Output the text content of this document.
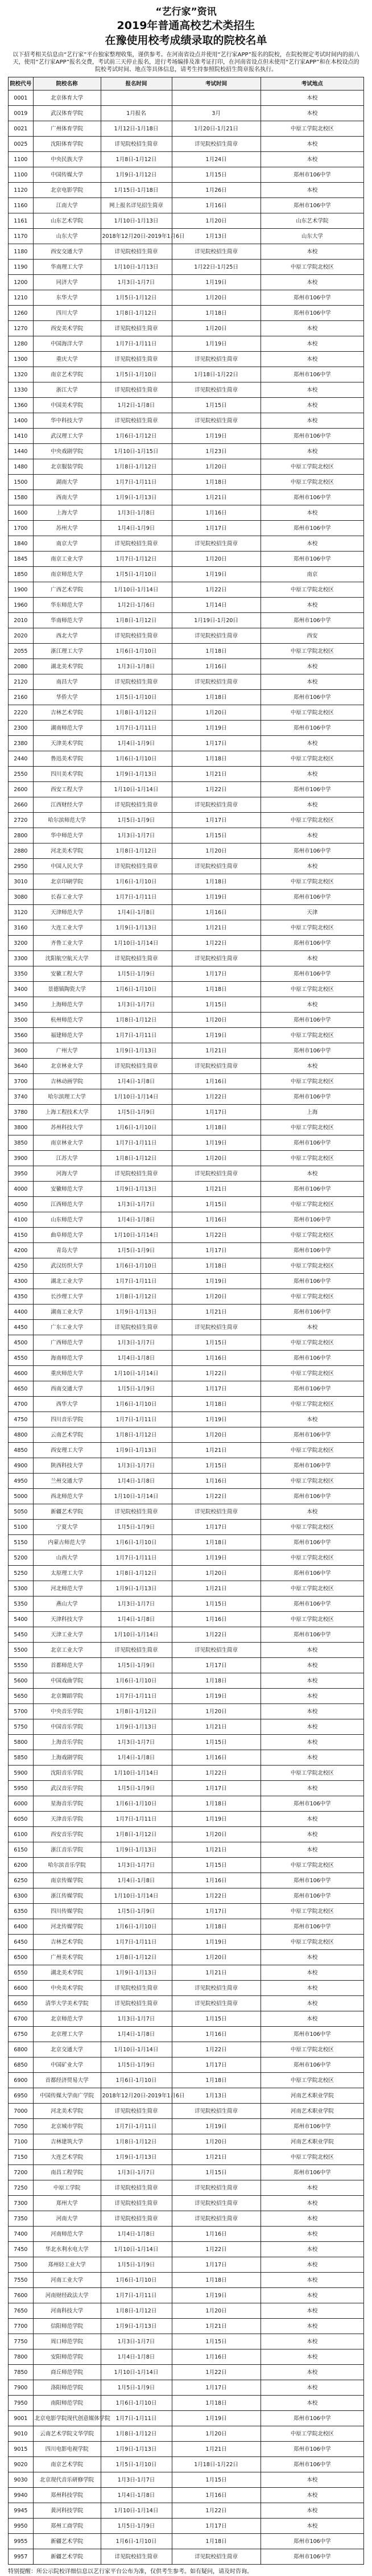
“艺行家”资讯
2019年普通高校艺术类招生
在豫使用校考成绩录取的院校名单
以下招考相关信息由“艺行家”平台独家整理收集，谨供参考。在河南省设点并使用“艺行家APP”报名的院校，在院校规定考试时间内的前八天，使用“艺行家APP”报名交费，考试前三天停止报名，进行考场编排及准考证打印，在河南省设点但未使用“艺行家APP”和在本校设点的院校考试时间、地点等具体信息，请考生持参照院校招生简章报名执行。
院校代号	院校名称	报名时间	考试时间	考试地点
0001	北京体育大学			本校
0019	武汉体育学院	1月报名	3月	本校
0021	广州体育学院	1月12日-1月18日	1月20日-1月21日	中原工学院北校区
0025	沈阳体育学院	详见院校招生简章	详见院校招生简章	本校
1100	中央民族大学	1月8日-1月12日	1月24日	本校
1100	中国传媒大学	1月9日-1月12日	1月15日	郑州市106中学
1120	北京电影学院	1月15日-1月18日	1月26日	本校
1160	江南大学	网上报名详见招生简章	1月16日	郑州市106中学
1161	山东艺术学院	1月10日-1月13日	1月20日	山东艺术学院
1170	山东大学	2018年12月20日-2019年1月6日	1月13日	山东大学
1180	西安交通大学	详见院校招生简章	详见院校招生简章	本校
1190	华南理工大学	1月10日-1月13日	1月22日-1月25日	中原工学院北校区
1200	同济大学	1月3日-1月7日	1月19日	本校
1210	东华大学	1月5日-1月12日	1月20日	郑州市106中学
1260	四川大学	1月8日-1月12日	1月18日	郑州市106中学
1270	西安美术学院	详见院校招生简章	1月20日	本校
1280	中国海洋大学	1月7日-1月11日	1月19日	本校
1300	重庆大学	详见院校招生简章	详见院校招生简章	本校
1320	南京艺术学院	1月5日-1月10日	1月18日-1月22日	郑州市106中学
1330	浙江大学	详见院校招生简章	详见院校招生简章	本校
1360	中国美术学院	1月2日-1月8日	1月15日	本校
1400	华中科技大学	详见院校招生简章	详见院校招生简章	本校
1410	武汉理工大学	1月6日-1月12日	1月19日	郑州市106中学
1440	中央戏剧学院	1月10日-1月15日	1月23日	本校
1480	北京服装学院	1月8日-1月12日	1月20日	中原工学院北校区
1500	湖南大学	1月7日-1月11日	1月18日	中原工学院北校区
1580	西南大学	1月9日-1月13日	1月21日	郑州市106中学
1600	上海大学	1月3日-1月8日	1月16日	本校
1700	苏州大学	1月4日-1月9日	1月17日	郑州市106中学
1840	南京大学	详见院校招生简章	详见院校招生简章	本校
1845	南京工业大学	1月7日-1月12日	1月20日	郑州市106中学
1850	南京师范大学	1月5日-1月10日	1月19日	南京
1900	广西艺术学院	1月10日-1月14日	1月22日	中原工学院北校区
1960	华东师范大学	1月2日-1月6日	1月14日	本校
2010	华南师范大学	1月8日-1月12日	1月19日-1月20日	郑州市106中学
2020	西北大学	详见院校招生简章	详见院校招生简章	西安
2055	浙江理工大学	1月6日-1月10日	1月18日	中原工学院北校区
2080	湖北美术学院	1月3日-1月8日	1月16日	本校
2120	南昌大学	详见院校招生简章	详见院校招生简章	本校
2160	华侨大学	1月5日-1月10日	1月18日	郑州市106中学
2220	吉林艺术学院	1月8日-1月12日	1月20日	中原工学院北校区
2300	湖南师范大学	1月7日-1月11日	1月19日	郑州市106中学
2380	天津美术学院	1月4日-1月9日	1月17日	本校
2440	鲁迅美术学院	1月6日-1月10日	1月18日	中原工学院北校区
2550	四川美术学院	1月9日-1月13日	1月21日	本校
2600	西安工程大学	1月10日-1月14日	1月22日	郑州市106中学
2660	江西财经大学	详见院校招生简章	详见院校招生简章	本校
2720	哈尔滨师范大学	1月5日-1月9日	1月17日	中原工学院北校区
2800	华中师范大学	1月3日-1月7日	1月15日	本校
2880	河北美术学院	1月8日-1月12日	1月20日	郑州市106中学
2950	中国人民大学	详见院校招生简章	详见院校招生简章	本校
3010	北京印刷学院	1月6日-1月10日	1月18日	中原工学院北校区
3080	长春工业大学	1月7日-1月11日	1月19日	郑州市106中学
3120	天津师范大学	1月4日-1月8日	1月16日	天津
3160	大连工业大学	1月9日-1月13日	1月21日	中原工学院北校区
3200	齐鲁工业大学	1月10日-1月14日	1月22日	郑州市106中学
3300	沈阳航空航天大学	详见院校招生简章	详见院校招生简章	本校
3350	安徽工程大学	1月5日-1月9日	1月17日	郑州市106中学
3400	景德镇陶瓷大学	1月6日-1月10日	1月18日	中原工学院北校区
3450	上海师范大学	1月3日-1月7日	1月15日	本校
3500	杭州师范大学	1月8日-1月12日	1月20日	郑州市106中学
3560	福建师范大学	1月7日-1月11日	1月19日	中原工学院北校区
3600	广州大学	1月9日-1月13日	1月21日	郑州市106中学
3640	北京林业大学	详见院校招生简章	详见院校招生简章	本校
3700	吉林动画学院	1月4日-1月8日	1月16日	中原工学院北校区
3740	哈尔滨理工大学	1月10日-1月14日	1月22日	郑州市106中学
3780	上海工程技术大学	1月5日-1月9日	1月17日	上海
3800	苏州科技大学	1月6日-1月10日	1月18日	中原工学院北校区
3850	南京林业大学	1月7日-1月11日	1月19日	郑州市106中学
3900	江苏大学	1月8日-1月12日	1月20日	中原工学院北校区
3950	河海大学	详见院校招生简章	详见院校招生简章	本校
4000	安徽师范大学	1月9日-1月13日	1月21日	郑州市106中学
4050	江西师范大学	1月3日-1月7日	1月15日	中原工学院北校区
4100	山东师范大学	1月4日-1月8日	1月16日	郑州市106中学
4150	曲阜师范大学	1月10日-1月14日	1月22日	中原工学院北校区
4200	青岛大学	1月5日-1月9日	1月17日	郑州市106中学
4250	武汉纺织大学	1月6日-1月10日	1月18日	中原工学院北校区
4300	湖北工业大学	1月7日-1月11日	1月19日	郑州市106中学
4350	长沙理工大学	1月8日-1月12日	1月20日	中原工学院北校区
4400	湖南工业大学	1月9日-1月13日	1月21日	郑州市106中学
4450	广东工业大学	详见院校招生简章	详见院校招生简章	本校
4500	广西师范大学	1月3日-1月7日	1月15日	中原工学院北校区
4550	海南师范大学	1月4日-1月8日	1月16日	郑州市106中学
4600	重庆师范大学	1月10日-1月14日	1月22日	中原工学院北校区
4650	西南交通大学	1月5日-1月9日	1月17日	郑州市106中学
4700	西华大学	1月6日-1月10日	1月18日	中原工学院北校区
4750	四川音乐学院	1月7日-1月11日	1月19日	本校
4800	云南艺术学院	1月8日-1月12日	1月20日	郑州市106中学
4850	西安理工大学	1月9日-1月13日	1月21日	中原工学院北校区
4900	陕西科技大学	1月3日-1月7日	1月15日	郑州市106中学
4950	兰州交通大学	1月4日-1月8日	1月16日	中原工学院北校区
5000	西北师范大学	1月10日-1月14日	1月22日	郑州市106中学
5050	新疆艺术学院	详见院校招生简章	详见院校招生简章	本校
5100	宁夏大学	1月5日-1月9日	1月17日	中原工学院北校区
5150	内蒙古师范大学	1月6日-1月10日	1月18日	郑州市106中学
5200	山西大学	1月7日-1月11日	1月19日	中原工学院北校区
5250	太原理工大学	1月8日-1月12日	1月20日	郑州市106中学
5300	河北师范大学	1月9日-1月13日	1月21日	中原工学院北校区
5350	燕山大学	1月3日-1月7日	1月15日	郑州市106中学
5400	天津科技大学	1月4日-1月8日	1月16日	中原工学院北校区
5450	天津工业大学	1月10日-1月14日	1月22日	郑州市106中学
5500	北京工业大学	详见院校招生简章	详见院校招生简章	本校
5550	首都师范大学	1月5日-1月9日	1月17日	本校
5600	中国戏曲学院	1月6日-1月10日	1月18日	本校
5650	北京舞蹈学院	1月7日-1月11日	1月19日	本校
5700	中央音乐学院	1月8日-1月12日	1月20日	本校
5750	中国音乐学院	1月9日-1月13日	1月21日	本校
5800	上海音乐学院	1月3日-1月7日	1月15日	本校
5850	上海戏剧学院	1月4日-1月8日	1月16日	本校
5900	沈阳音乐学院	1月10日-1月14日	1月22日	中原工学院北校区
5950	武汉音乐学院	1月5日-1月9日	1月17日	本校
6000	星海音乐学院	1月6日-1月10日	1月18日	郑州市106中学
6050	天津音乐学院	1月7日-1月11日	1月19日	本校
6100	西安音乐学院	1月8日-1月12日	1月20日	本校
6150	浙江音乐学院	1月9日-1月13日	1月21日	本校
6200	哈尔滨音乐学院	1月3日-1月7日	1月15日	中原工学院北校区
6250	南京传媒学院	1月4日-1月8日	1月16日	郑州市106中学
6300	浙江传媒学院	1月10日-1月14日	1月22日	郑州市106中学
6350	四川传媒学院	1月5日-1月9日	1月17日	中原工学院北校区
6400	河北传媒学院	1月6日-1月10日	1月18日	郑州市106中学
6450	吉林艺术学院	1月7日-1月11日	1月19日	中原工学院北校区
6500	广州美术学院	1月8日-1月12日	1月20日	本校
6550	湖北美术学院	1月9日-1月13日	1月21日	本校
6600	中央美术学院	详见院校招生简章	详见院校招生简章	本校
6650	清华大学美术学院	详见院校招生简章	详见院校招生简章	本校
6700	北京师范大学	1月3日-1月7日	1月15日	本校
6750	北京理工大学	1月4日-1月8日	1月16日	郑州市106中学
6800	北京交通大学	1月10日-1月14日	1月22日	中原工学院北校区
6850	中国矿业大学	1月5日-1月9日	1月17日	郑州市106中学
6900	首都经济贸易大学	1月6日-1月10日	1月18日	中原工学院北校区
6950	中国传媒大学南广学院	2018年12月20日-2019年1月6日	1月13日	河南艺术职业学院
7000	河北美术学院	详见院校招生简章	详见院校招生简章	河南艺术职业学院
7050	北京城市学院	1月7日-1月11日	1月19日	郑州市106中学
7100	吉林建筑大学	1月8日-1月12日	1月20日	河南艺术职业学院
7150	大连艺术学院	1月9日-1月13日	1月21日	中原工学院北校区
7200	南昌工程学院	1月3日-1月7日	1月15日	郑州市106中学
7250	中原工学院	详见院校招生简章	详见院校招生简章	本校
7300	郑州大学	详见院校招生简章	详见院校招生简章	本校
7350	河南大学	详见院校招生简章	详见院校招生简章	本校
7400	河南师范大学	1月4日-1月8日	1月16日	本校
7450	华北水利水电大学	1月10日-1月14日	1月22日	本校
7500	郑州轻工业大学	1月5日-1月9日	1月17日	本校
7550	河南工业大学	1月6日-1月10日	1月18日	本校
7600	河南财经政法大学	1月7日-1月11日	1月19日	本校
7650	河南科技大学	1月8日-1月12日	1月20日	本校
7700	信阳师范学院	1月9日-1月13日	1月21日	本校
7750	周口师范学院	1月3日-1月7日	1月15日	本校
7800	安阳师范学院	1月4日-1月8日	1月16日	本校
7850	商丘师范学院	1月10日-1月14日	1月22日	本校
7900	洛阳师范学院	1月5日-1月9日	1月17日	本校
7950	南阳师范学院	1月6日-1月10日	1月18日	本校
9001	北京电影学院现代创意媒体学院	1月7日-1月11日	1月19日	郑州市106中学
9010	云南艺术学院文华学院	1月8日-1月12日	1月20日	中原工学院北校区
9015	四川电影电视学院	1月9日-1月13日	1月21日	郑州市106中学
9020	南京艺术学院	1月5日-1月10日	1月18日-1月22日	郑州市106中学
9030	北京现代音乐研修学院	1月3日-1月7日	1月15日	本校
9940	郑州科技学院	1月4日-1月8日	1月16日	本校
9945	黄河科技学院	1月10日-1月14日	1月22日	本校
9950	郑州工商学院	1月5日-1月9日	1月17日	本校
9955	新疆艺术学院	1月6日-1月10日	1月18日	郑州市106中学
9957	新疆艺术学院	详见院校招生简章	详见院校招生简章	郑州市106中学
特别提醒：所公示院校详细信息以艺行家平台公布为准，仅供考生参考。如有疑问，请及时咨询。
